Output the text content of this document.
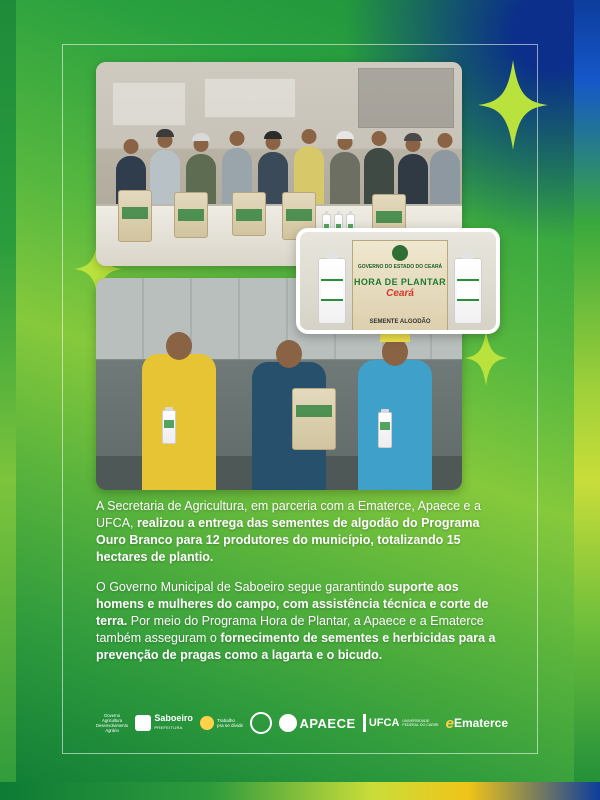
GOVERNO DO ESTADO DO CEARÁ
HORA DE PLANTAR
Ceará
SEMENTE ALGODÃO

A Secretaria de Agricultura, em parceria com a Ematerce, Apaece e a UFCA, realizou a entrega das sementes de algodão do Programa Ouro Branco para 12 produtores do município, totalizando 15 hectares de plantio.

O Governo Municipal de Saboeiro segue garantindo suporte aos homens e mulheres do campo, com assistência técnica e corte de terra. Por meio do Programa Hora de Plantar, a Apaece e a Ematerce também asseguram o fornecimento de sementes e herbicidas para a prevenção de pragas como a lagarta e o bicudo.

Governo
Agricultura
Desenvolvimento
Agrário
Saboeiro
PREFEITURA
Trabalho
pra se dividir	APAECE UFCA UNIVERSIDADE
FEDERAL DO CARIRI e Ematerce
